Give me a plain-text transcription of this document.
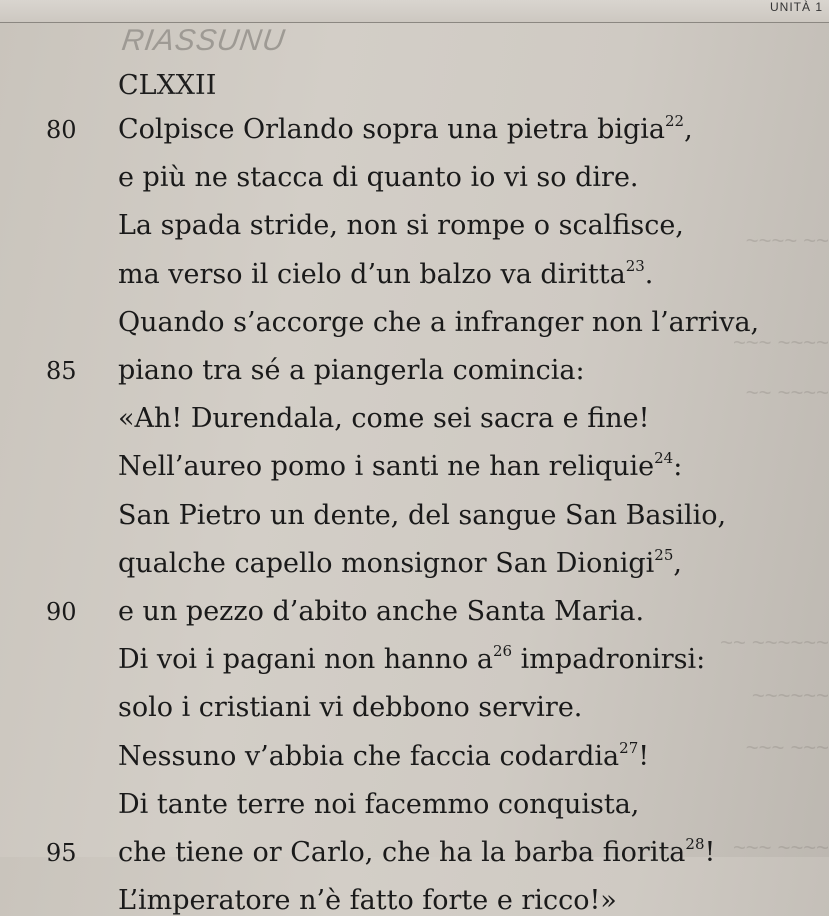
UNITÀ 1
RIASSUNU
~~~~ ~~
~~~ ~~~~
~~ ~~~~
~~ ~~~~~~
~~~~~~
~~~ ~~~
~~~ ~~~~
CLXXII
Colpisce Orlando sopra una pietra bigia$^{22}$,
80
e più ne stacca di quanto io vi so dire.
La spada stride, non si rompe o scalfisce,
ma verso il cielo d’un balzo va diritta$^{23}$.
Quando s’accorge che a infranger non l’arriva,
piano tra sé a piangerla comincia:
85
«Ah! Durendala, come sei sacra e fine!
Nell’aureo pomo i santi ne han reliquie$^{24}$:
San Pietro un dente, del sangue San Basilio,
qualche capello monsignor San Dionigi$^{25}$,
e un pezzo d’abito anche Santa Maria.
90
Di voi i pagani non hanno $a^{26}$ impadronirsi:
solo i cristiani vi debbono servire.
Nessuno v’abbia che faccia codardia$^{27}$!
Di tante terre noi facemmo conquista,
che tiene or Carlo, che ha la barba fiorita$^{28}$!
95
L’imperatore n’è fatto forte e ricco!»
